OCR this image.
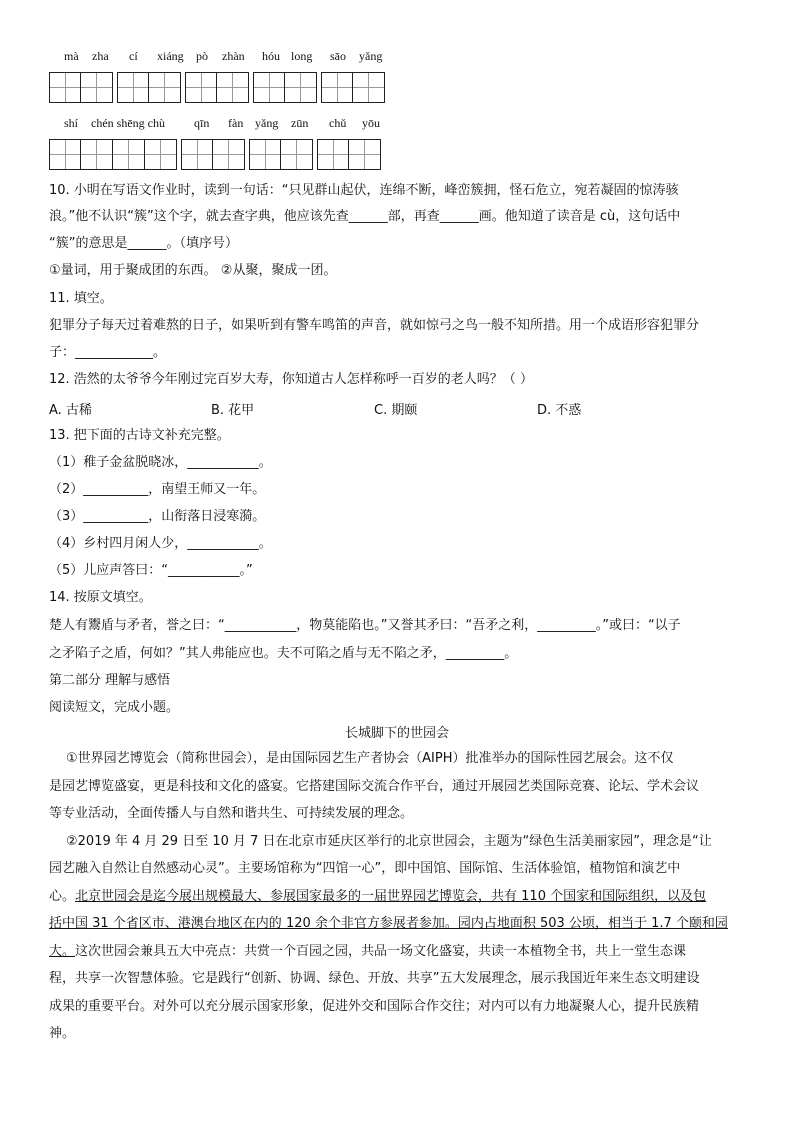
mà zha cí xiáng pò zhàn hóu long sāo yǎng
shí chén shēng chù qīn fàn yǎng zūn chǔ yōu
10. 小明在写语文作业时，读到一句话：“只见群山起伏，连绵不断，峰峦簇拥，怪石危立，宛若凝固的惊涛骇
浪。”他不认识“簇”这个字，就去查字典，他应该先查______部，再查______画。他知道了读音是 cù，这句话中
“簇”的意思是______。（填序号）
①量词，用于聚成团的东西。 ②从聚，聚成一团。
11. 填空。
犯罪分子每天过着难熬的日子，如果听到有警车鸣笛的声音，就如惊弓之鸟一般不知所措。用一个成语形容犯罪分
子：____________。
12. 浩然的太爷爷今年刚过完百岁大寿，你知道古人怎样称呼一百岁的老人吗？（ ）
A. 古稀	B. 花甲	C. 期颐	D. 不惑
13. 把下面的古诗文补充完整。
（1）稚子金盆脱晓冰，___________。
（2）__________，南望王师又一年。
（3）__________，山衔落日浸寒漪。
（4）乡村四月闲人少，___________。
（5）儿应声答曰：“___________。”
14. 按原文填空。
楚人有鬻盾与矛者，誉之曰：“___________，物莫能陷也。”又誉其矛曰：“吾矛之利，_________。”或曰：“以子
之矛陷子之盾，何如？”其人弗能应也。夫不可陷之盾与无不陷之矛，_________。
第二部分 理解与感悟
阅读短文，完成小题。
长城脚下的世园会
①世界园艺博览会（简称世园会），是由国际园艺生产者协会（AIPH）批准举办的国际性园艺展会。这不仅
是园艺博览盛宴，更是科技和文化的盛宴。它搭建国际交流合作平台，通过开展园艺类国际竞赛、论坛、学术会议
等专业活动，全面传播人与自然和谐共生、可持续发展的理念。
②2019 年 4 月 29 日至 10 月 7 日在北京市延庆区举行的北京世园会，主题为“绿色生活美丽家园”，理念是“让
园艺融入自然让自然感动心灵”。主要场馆称为“四馆一心”，即中国馆、国际馆、生活体验馆，植物馆和演艺中
心。北京世园会是迄今展出规模最大、参展国家最多的一届世界园艺博览会，共有 110 个国家和国际组织，以及包
括中国 31 个省区市、港澳台地区在内的 120 余个非官方参展者参加。园内占地面积 503 公顷，相当于 1.7 个颐和园
大。这次世园会兼具五大中亮点：共赏一个百园之园，共品一场文化盛宴，共读一本植物全书，共上一堂生态课
程，共享一次智慧体验。它是践行“创新、协调、绿色、开放、共享”五大发展理念，展示我国近年来生态文明建设
成果的重要平台。对外可以充分展示国家形象，促进外交和国际合作交往；对内可以有力地凝聚人心，提升民族精
神。
